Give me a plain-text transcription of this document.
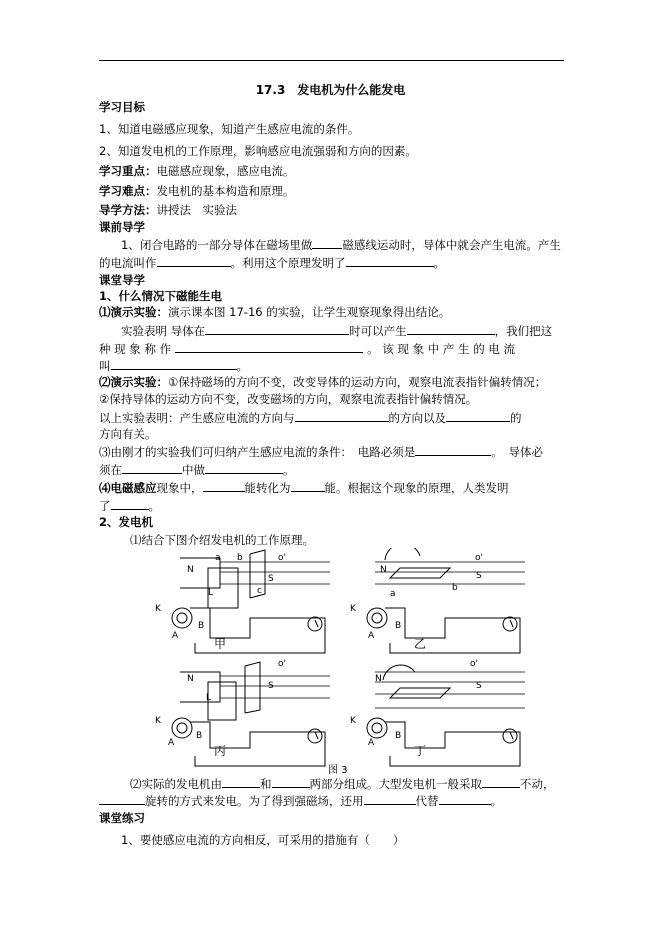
17.3　发电机为什么能发电
学习目标
1、知道电磁感应现象，知道产生感应电流的条件。
2、知道发电机的工作原理，影响感应电流强弱和方向的因素。
学习重点：电磁感应现象，感应电流。
学习难点：发电机的基本构造和原理。
导学方法：讲授法　实验法
课前导学
1、闭合电路的一部分导体在磁场里做	磁感线运动时，导体中就会产生电流。产生
的电流叫作	。利用这个原理发明了	。
课堂导学
1、什么情况下磁能生电
⑴演示实验：演示课本图 17-16 的实验，让学生观察现象得出结论。
实验表明 导体在	时可以产生	，我们把这
种 现 象 称 作	。 该 现 象 中 产 生 的 电 流
叫	。
⑵演示实验：①保持磁场的方向不变，改变导体的运动方向，观察电流表指针偏转情况；
②保持导体的运动方向不变，改变磁场的方向，观察电流表指针偏转情况。
以上实验表明：产生感应电流的方向与	的方向以及	的
方向有关。
⑶由刚才的实验我们可归纳产生感应电流的条件：　电路必须是	。　导体必
须在	中做	。
⑷电磁感应现象中，	能转化为	能。根据这个现象的原理，人类发明
了	。
2、发电机
⑴结合下图介绍发电机的工作原理。
N
S
a b
c
L
K
B
A
o'
甲
N
S
a
b
K
B
A
o'
乙
N
S
L
K
B
A
o'
丙
N
S
K
B
A
o'
丁
图 3
⑵实际的发电机由	和	两部分组成。大型发电机一般采取	不动，
旋转的方式来发电。为了得到强磁场，还用	代替	。
课堂练习
1、要使感应电流的方向相反，可采用的措施有（　　）
